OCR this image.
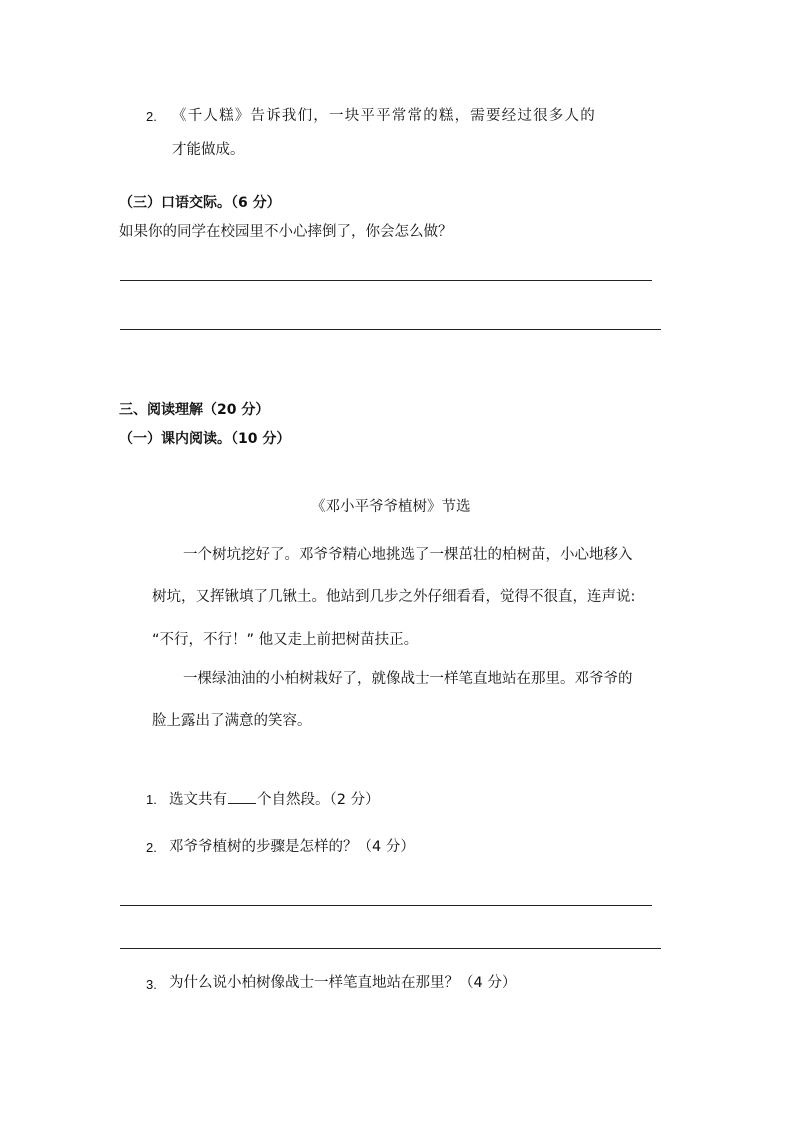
2. 《千人糕》告诉我们，一块平平常常的糕，需要经过很多人的
才能做成。
（三）口语交际。（6 分）
如果你的同学在校园里不小心摔倒了，你会怎么做？
三、阅读理解（20 分）
（一）课内阅读。（10 分）
《邓小平爷爷植树》节选
一个树坑挖好了。邓爷爷精心地挑选了一棵茁壮的柏树苗，小心地移入
树坑，又挥锹填了几锹土。他站到几步之外仔细看看，觉得不很直，连声说:
“不行，不行！” 他又走上前把树苗扶正。
一棵绿油油的小柏树栽好了，就像战士一样笔直地站在那里。邓爷爷的
脸上露出了满意的笑容。
1. 选文共有 个自然段。（2 分）
2. 邓爷爷植树的步骤是怎样的？（4 分）
3. 为什么说小柏树像战士一样笔直地站在那里？（4 分）
